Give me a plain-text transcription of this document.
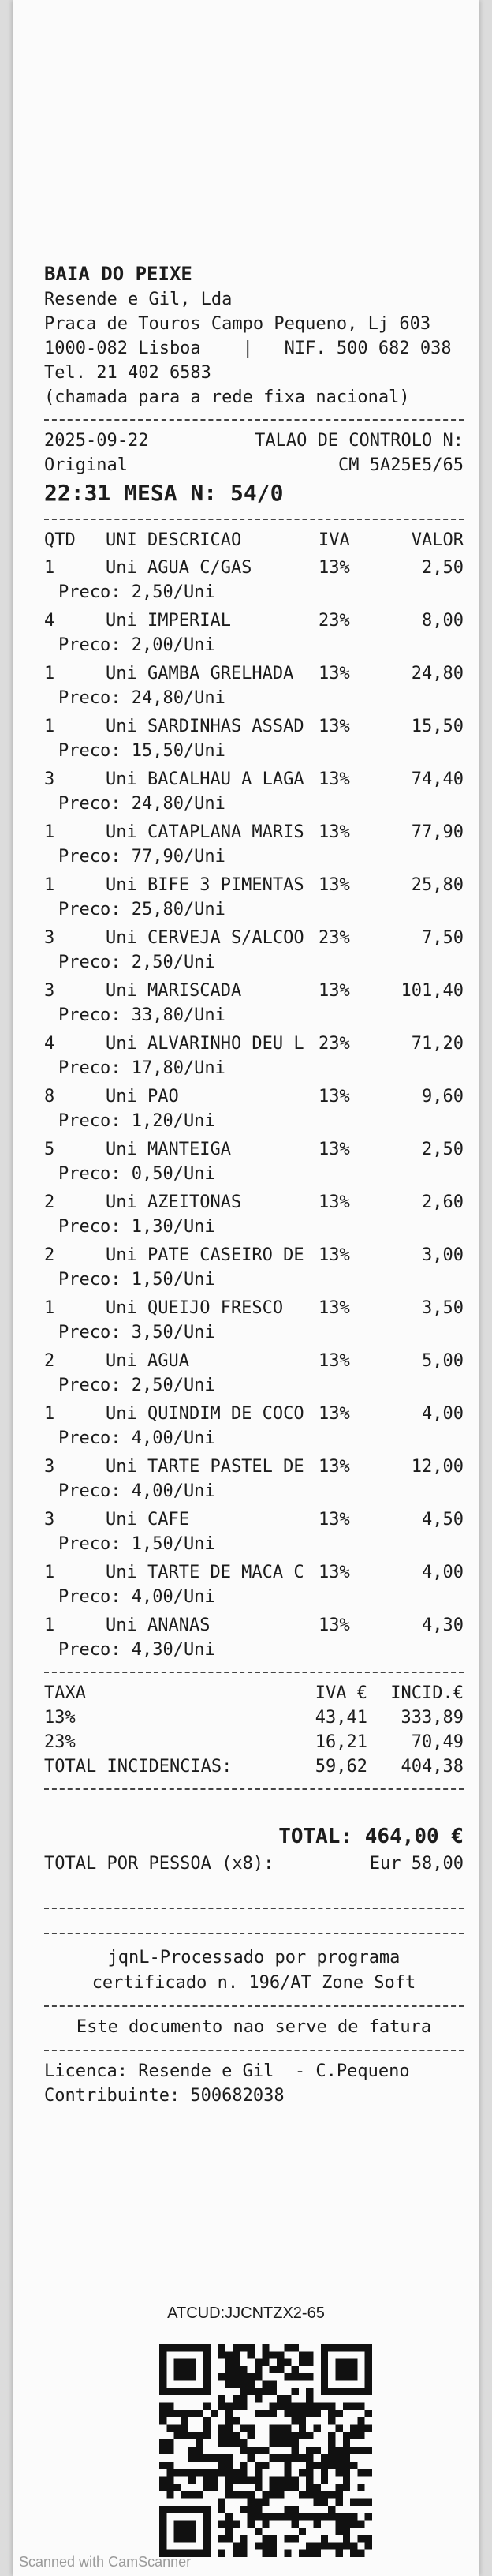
BAIA DO PEIXE
Resende e Gil, Lda
Praca de Touros Campo Pequeno, Lj 603
1000-082 Lisboa    |   NIF. 500 682 038
Tel. 21 402 6583
(chamada para a rede fixa nacional)
2025-09-22	TALAO DE CONTROLO N:
Original	CM 5A25E5/65
22:31 MESA N: 54/0
QTD	UNI DESCRICAO	IVA	VALOR
1	Uni AGUA C/GAS	13%	2,50
Preco: 2,50/Uni
4	Uni IMPERIAL	23%	8,00
Preco: 2,00/Uni
1	Uni GAMBA GRELHADA	13%	24,80
Preco: 24,80/Uni
1	Uni SARDINHAS ASSAD 13%	15,50
Preco: 15,50/Uni
3	Uni BACALHAU A LAGA 13%	74,40
Preco: 24,80/Uni
1	Uni CATAPLANA MARIS 13%	77,90
Preco: 77,90/Uni
1	Uni BIFE 3 PIMENTAS 13%	25,80
Preco: 25,80/Uni
3	Uni CERVEJA S/ALCOO 23%	7,50
Preco: 2,50/Uni
3	Uni MARISCADA	13%	101,40
Preco: 33,80/Uni
4	Uni ALVARINHO DEU L 23%	71,20
Preco: 17,80/Uni
8	Uni PAO	13%	9,60
Preco: 1,20/Uni
5	Uni MANTEIGA	13%	2,50
Preco: 0,50/Uni
2	Uni AZEITONAS	13%	2,60
Preco: 1,30/Uni
2	Uni PATE CASEIRO DE 13%	3,00
Preco: 1,50/Uni
1	Uni QUEIJO FRESCO	13%	3,50
Preco: 3,50/Uni
2	Uni AGUA	13%	5,00
Preco: 2,50/Uni
1	Uni QUINDIM DE COCO 13%	4,00
Preco: 4,00/Uni
3	Uni TARTE PASTEL DE 13%	12,00
Preco: 4,00/Uni
3	Uni CAFE	13%	4,50
Preco: 1,50/Uni
1	Uni TARTE DE MACA C 13%	4,00
Preco: 4,00/Uni
1	Uni ANANAS	13%	4,30
Preco: 4,30/Uni
TAXA	IVA €	INCID.€
13%	43,41	333,89
23%	16,21	70,49
TOTAL INCIDENCIAS:	59,62	404,38
TOTAL: 464,00 €
TOTAL POR PESSOA (x8):	Eur 58,00
jqnL-Processado por programa
certificado n. 196/AT Zone Soft
Este documento nao serve de fatura
Licenca: Resende e Gil  - C.Pequeno
Contribuinte: 500682038
ATCUD:JJCNTZX2-65
Scanned with CamScanner
